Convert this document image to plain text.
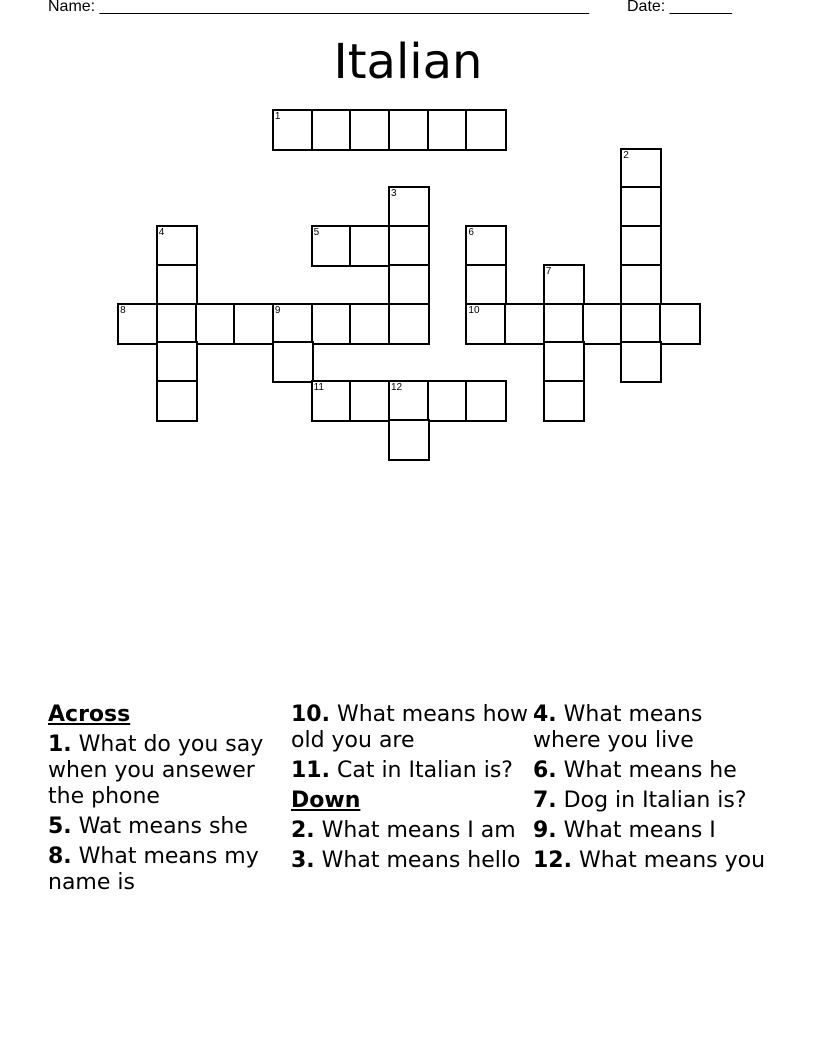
Name: _______________________________________________________ Date: _______
Italian
1
2
3
4	5	6
7
8	9	10
11	12
Across
1. What do you say when you ansewer the phone
5. Wat means she
8. What means my name is
10. What means how old you are
11. Cat in Italian is?
Down
2. What means I am
3. What means hello
4. What means where you live
6. What means he
7. Dog in Italian is?
9. What means I
12. What means you
